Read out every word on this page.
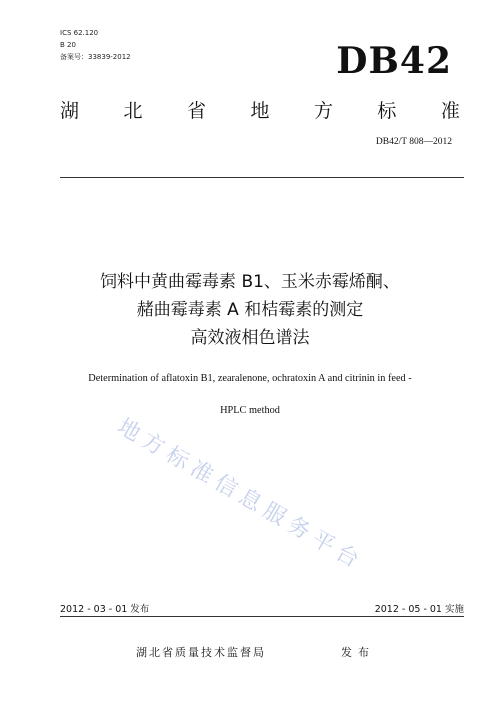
ICS 62.120
B 20
备案号：33839-2012	DB42
湖 北 省 地 方 标 准
DB42/T 808—2012
饲料中黄曲霉毒素 B1、玉米赤霉烯酮、
赭曲霉毒素 A 和桔霉素的测定
高效液相色谱法
Determination of aflatoxin B1, zearalenone, ochratoxin A and citrinin in feed -
HPLC method
地方标准信息服务平台
2012 - 03 - 01 发布	2012 - 05 - 01 实施
湖北省质量技术监督局	发布
